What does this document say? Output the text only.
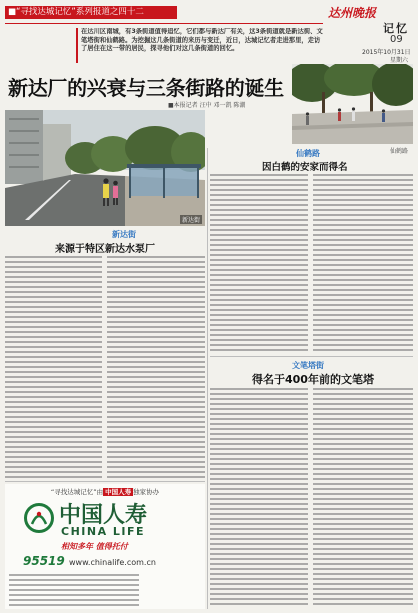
■“寻找达城记忆”系列报道之四十二	达州晚报
记忆
09
2015年10月31日
星期六
在达川区南城，有3条街道值得追忆，它们都与新达厂有关，这3条街道就是新达街、文笔塔街和仙鹤路。为挖掘这几条街道的来历与变迁，近日，达城记忆者走进那里，走访了居住在这一带的居民，探寻他们对这几条街道的回忆。
仙鹤路
新达厂的兴衰与三条街路的诞生
■本报记者 汪中 邓一凯 陈潮
新达街
仙鹤路
因白鹤的安家而得名
新达街
来源于特区新达水泵厂
文笔塔街
得名于400年前的文笔塔
“寻找达城记忆”由 中国人寿 独家协办
中国人寿
CHINA LIFE
相知多年 值得托付
95519 www.chinalife.com.cn
